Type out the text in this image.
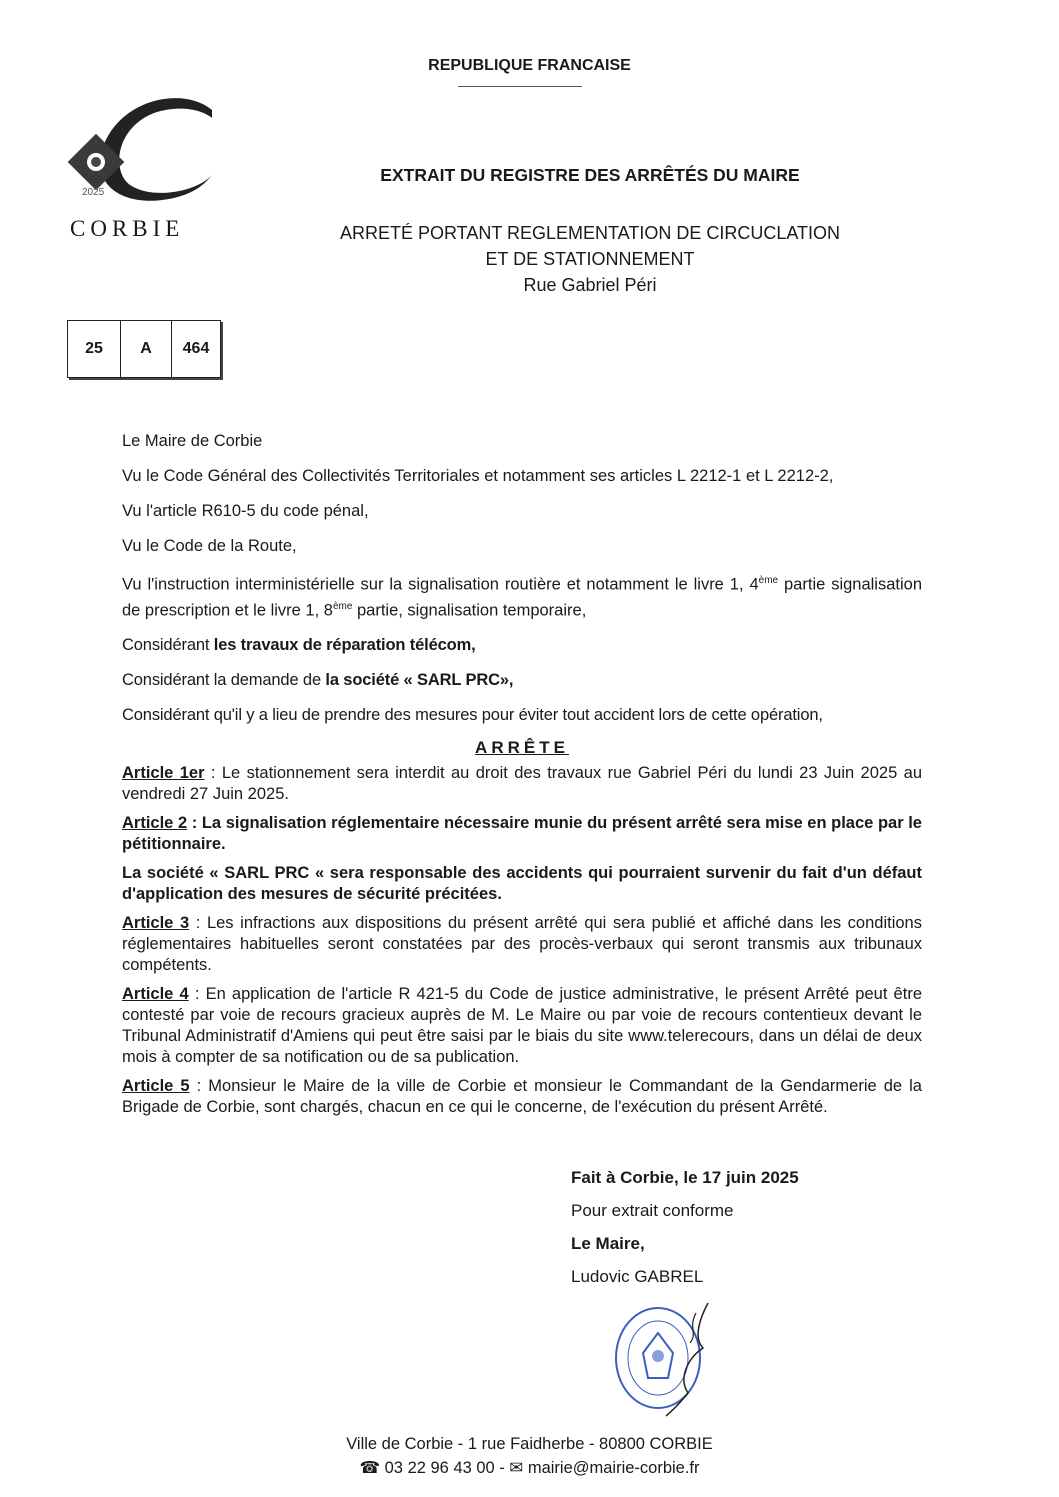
REPUBLIQUE FRANCAISE
2025
CORBIE
EXTRAIT DU REGISTRE DES ARRÊTÉS DU MAIRE
ARRETÉ PORTANT REGLEMENTATION DE CIRCUCLATION
ET DE STATIONNEMENT
Rue Gabriel Péri
25	A	464

Le Maire de Corbie

Vu le Code Général des Collectivités Territoriales et notamment ses articles L 2212-1 et L 2212-2,

Vu l'article R610-5 du code pénal,

Vu le Code de la Route,

Vu l'instruction interministérielle sur la signalisation routière et notamment le livre 1, 4ème partie signalisation de prescription et le livre 1, 8ème partie, signalisation temporaire,

Considérant les travaux de réparation télécom,

Considérant la demande de la société « SARL PRC»,

Considérant qu'il y a lieu de prendre des mesures pour éviter tout accident lors de cette opération,

ARRÊTE

Article 1er : Le stationnement sera interdit au droit des travaux rue Gabriel Péri du lundi 23 Juin 2025 au vendredi 27 Juin 2025.

Article 2 : La signalisation réglementaire nécessaire munie du présent arrêté sera mise en place par le pétitionnaire.

La société « SARL PRC « sera responsable des accidents qui pourraient survenir du fait d'un défaut d'application des mesures de sécurité précitées.

Article 3 : Les infractions aux dispositions du présent arrêté qui sera publié et affiché dans les conditions réglementaires habituelles seront constatées par des procès-verbaux qui seront transmis aux tribunaux compétents.

Article 4 : En application de l'article R 421-5 du Code de justice administrative, le présent Arrêté peut être contesté par voie de recours gracieux auprès de M. Le Maire ou par voie de recours contentieux devant le Tribunal Administratif d'Amiens qui peut être saisi par le biais du site www.telerecours, dans un délai de deux mois à compter de sa notification ou de sa publication.

Article 5 : Monsieur le Maire de la ville de Corbie et monsieur le Commandant de la Gendarmerie de la Brigade de Corbie, sont chargés, chacun en ce qui le concerne, de l'exécution du présent Arrêté.

Fait à Corbie, le 17 juin 2025
Pour extrait conforme
Le Maire,
Ludovic GABREL
Ville de Corbie - 1 rue Faidherbe - 80800 CORBIE
☎ 03 22 96 43 00 - ✉ mairie@mairie-corbie.fr
